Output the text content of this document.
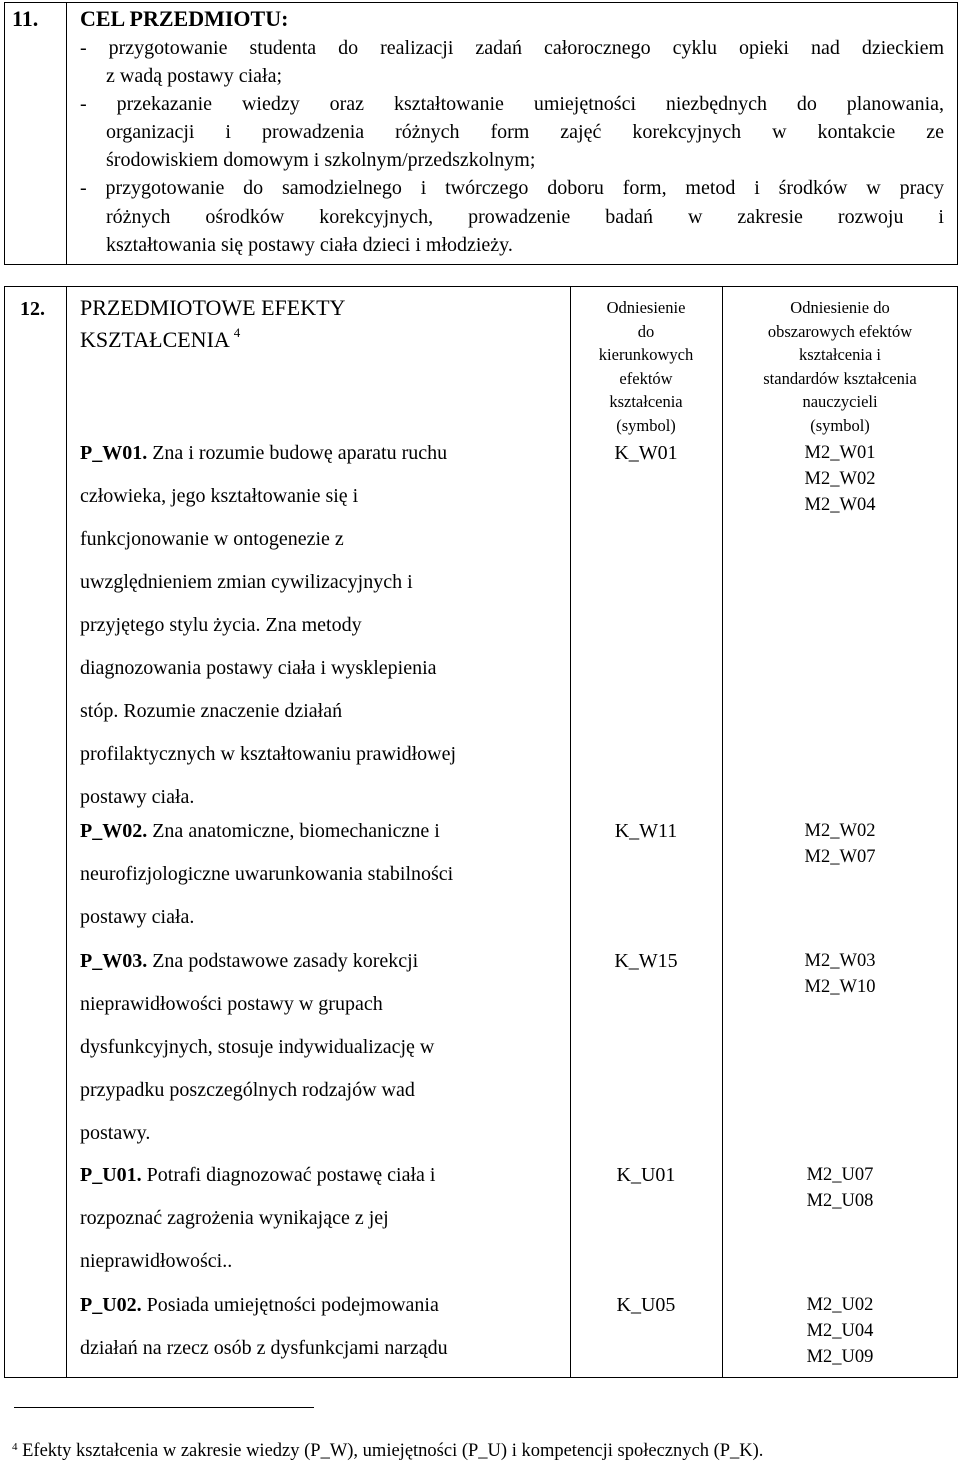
11. CEL PRZEDMIOTU:
- przygotowanie studenta do realizacji zadań całorocznego cyklu opieki nad dzieckiem
z wadą postawy ciała;
- przekazanie wiedzy oraz kształtowanie umiejętności niezbędnych do planowania,
organizacji i prowadzenia różnych form zajęć korekcyjnych w kontakcie ze
środowiskiem domowym i szkolnym/przedszkolnym;
- przygotowanie do samodzielnego i twórczego doboru form, metod i środków w pracy
różnych ośrodków korekcyjnych, prowadzenie badań w zakresie rozwoju i
kształtowania się postawy ciała dzieci i młodzieży.
12. PRZEDMIOTOWE EFEKTY
KSZTAŁCENIA $^4$
Odniesienie
do
kierunkowych
efektów
kształcenia
(symbol)
Odniesienie do
obszarowych efektów
kształcenia i
standardów kształcenia
nauczycieli
(symbol)
P_W01. Zna i rozumie budowę aparatu ruchu
człowieka, jego kształtowanie się i
funkcjonowanie w ontogenezie z
uwzględnieniem zmian cywilizacyjnych i
przyjętego stylu życia. Zna metody
diagnozowania postawy ciała i wysklepienia
stóp. Rozumie znaczenie działań
profilaktycznych w kształtowaniu prawidłowej
postawy ciała.
K_W01	M2_W01
M2_W02
M2_W04
P_W02. Zna anatomiczne, biomechaniczne i
neurofizjologiczne uwarunkowania stabilności
postawy ciała.
K_W11	M2_W02
M2_W07
P_W03. Zna podstawowe zasady korekcji
nieprawidłowości postawy w grupach
dysfunkcyjnych, stosuje indywidualizację w
przypadku poszczególnych rodzajów wad
postawy.
K_W15	M2_W03
M2_W10
P_U01. Potrafi diagnozować postawę ciała i
rozpoznać zagrożenia wynikające z jej
nieprawidłowości..
K_U01	M2_U07
M2_U08
P_U02. Posiada umiejętności podejmowania
działań na rzecz osób z dysfunkcjami narządu
K_U05	M2_U02
M2_U04
M2_U09
$^4$ Efekty kształcenia w zakresie wiedzy (P_W), umiejętności (P_U) i kompetencji społecznych (P_K).
